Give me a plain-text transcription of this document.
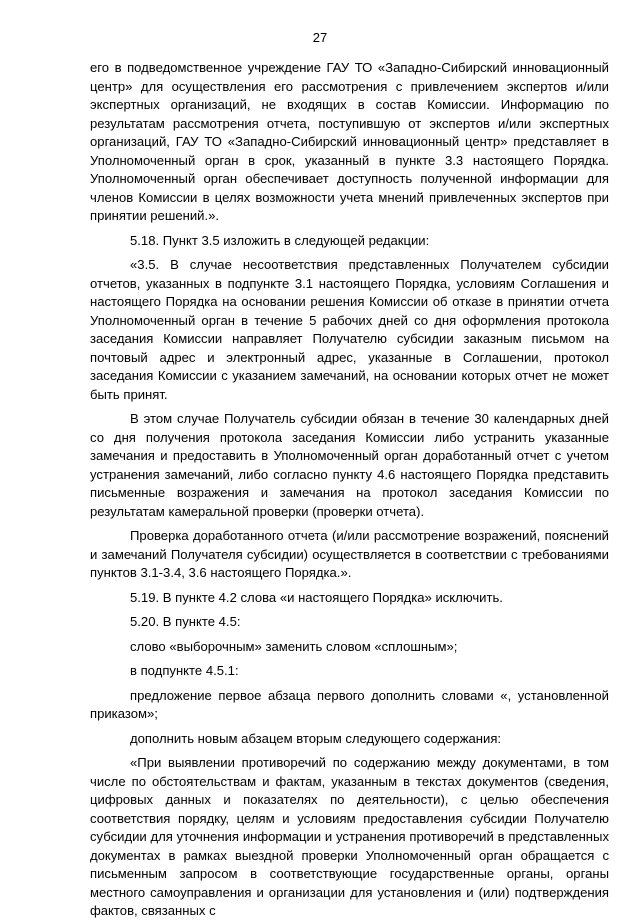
27

его в подведомственное учреждение ГАУ ТО «Западно-Сибирский инновационный центр» для осуществления его рассмотрения с привлечением экспертов и/или экспертных организаций, не входящих в состав Комиссии. Информацию по результатам рассмотрения отчета, поступившую от экспертов и/или экспертных организаций, ГАУ ТО «Западно-Сибирский инновационный центр» представляет в Уполномоченный орган в срок, указанный в пункте 3.3 настоящего Порядка. Уполномоченный орган обеспечивает доступность полученной информации для членов Комиссии в целях возможности учета мнений привлеченных экспертов при принятии решений.».

5.18. Пункт 3.5 изложить в следующей редакции:

«3.5. В случае несоответствия представленных Получателем субсидии отчетов, указанных в подпункте 3.1 настоящего Порядка, условиям Соглашения и настоящего Порядка на основании решения Комиссии об отказе в принятии отчета Уполномоченный орган в течение 5 рабочих дней со дня оформления протокола заседания Комиссии направляет Получателю субсидии заказным письмом на почтовый адрес и электронный адрес, указанные в Соглашении, протокол заседания Комиссии с указанием замечаний, на основании которых отчет не может быть принят.

В этом случае Получатель субсидии обязан в течение 30 календарных дней со дня получения протокола заседания Комиссии либо устранить указанные замечания и предоставить в Уполномоченный орган доработанный отчет с учетом устранения замечаний, либо согласно пункту 4.6 настоящего Порядка представить письменные возражения и замечания на протокол заседания Комиссии по результатам камеральной проверки (проверки отчета).

Проверка доработанного отчета (и/или рассмотрение возражений, пояснений и замечаний Получателя субсидии) осуществляется в соответствии с требованиями пунктов 3.1-3.4, 3.6 настоящего Порядка.».

5.19. В пункте 4.2 слова «и настоящего Порядка» исключить.

5.20. В пункте 4.5:

слово «выборочным» заменить словом «сплошным»;

в подпункте 4.5.1:

предложение первое абзаца первого дополнить словами «, установленной приказом»;

дополнить новым абзацем вторым следующего содержания:

«При выявлении противоречий по содержанию между документами, в том числе по обстоятельствам и фактам, указанным в текстах документов (сведения, цифровых данных и показателях по деятельности), с целью обеспечения соответствия порядку, целям и условиям предоставления субсидии Получателю субсидии для уточнения информации и устранения противоречий в представленных документах в рамках выездной проверки Уполномоченный орган обращается с письменным запросом в соответствующие государственные органы, органы местного самоуправления и организации для установления и (или) подтверждения фактов, связанных с
